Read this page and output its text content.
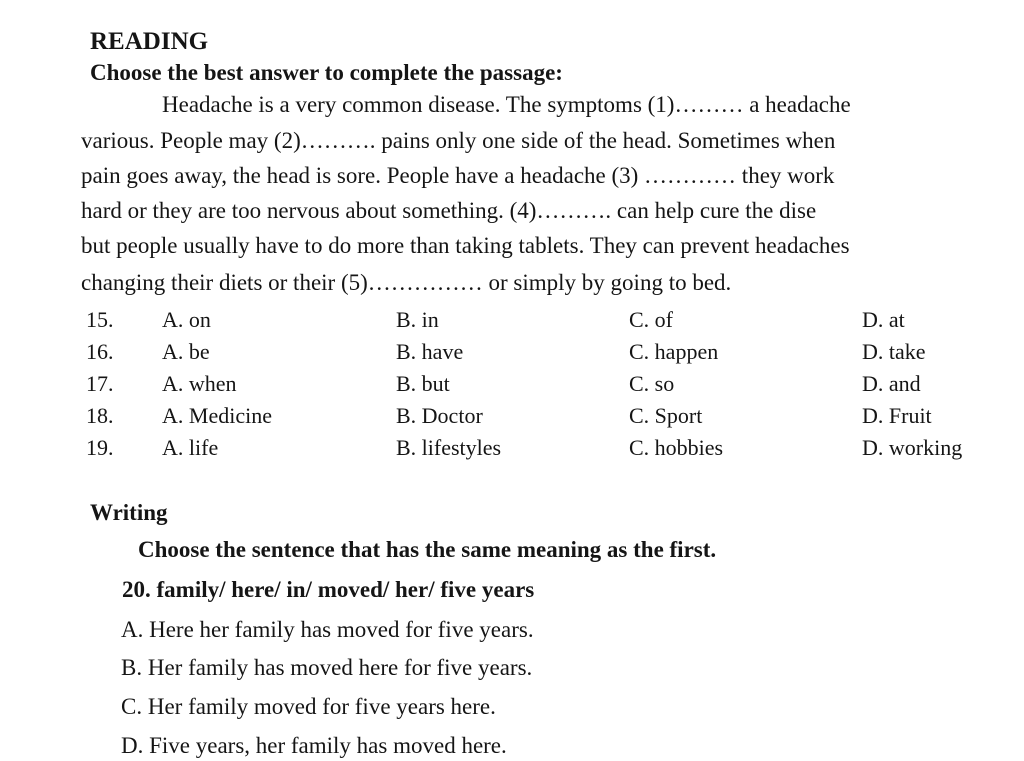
READING
Choose the best answer to complete the passage:
Headache is a very common disease. The symptoms (1)……… a headache
various. People may (2)………. pains only one side of the head. Sometimes when
pain goes away, the head is sore. People have a headache (3) ………… they work
hard or they are too nervous about something. (4)………. can help cure the dise
but people usually have to do more than taking tablets. They can prevent headaches
changing their diets or their (5)…………… or simply by going to bed.
15. A. on	B. in	C. of	D. at
16. A. be	B. have	C. happen	D. take
17. A. when	B. but	C. so	D. and
18. A. Medicine	B. Doctor	C. Sport	D. Fruit
19. A. life	B. lifestyles	C. hobbies	D. working
Writing
Choose the sentence that has the same meaning as the first.
20. family/ here/ in/ moved/ her/ five years
A. Here her family has moved for five years.
B. Her family has moved here for five years.
C. Her family moved for five years here.
D. Five years, her family has moved here.
